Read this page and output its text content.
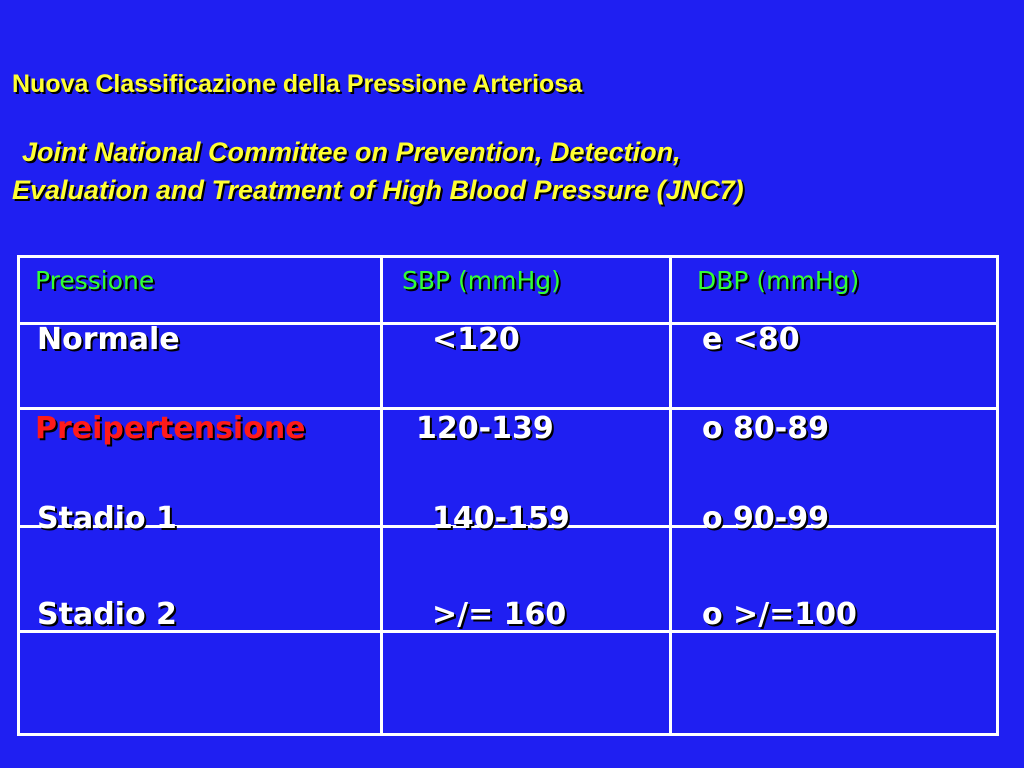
Nuova Classificazione della Pressione Arteriosa
Joint National Committee on Prevention, Detection,
Evaluation and Treatment of High Blood Pressure (JNC7)
Pressione	SBP (mmHg)	DBP (mmHg)
Normale	<120	e <80
Preipertensione	120-139	o 80-89
Stadio 1	140-159	o 90-99
Stadio 2	>/= 160	o >/=100
